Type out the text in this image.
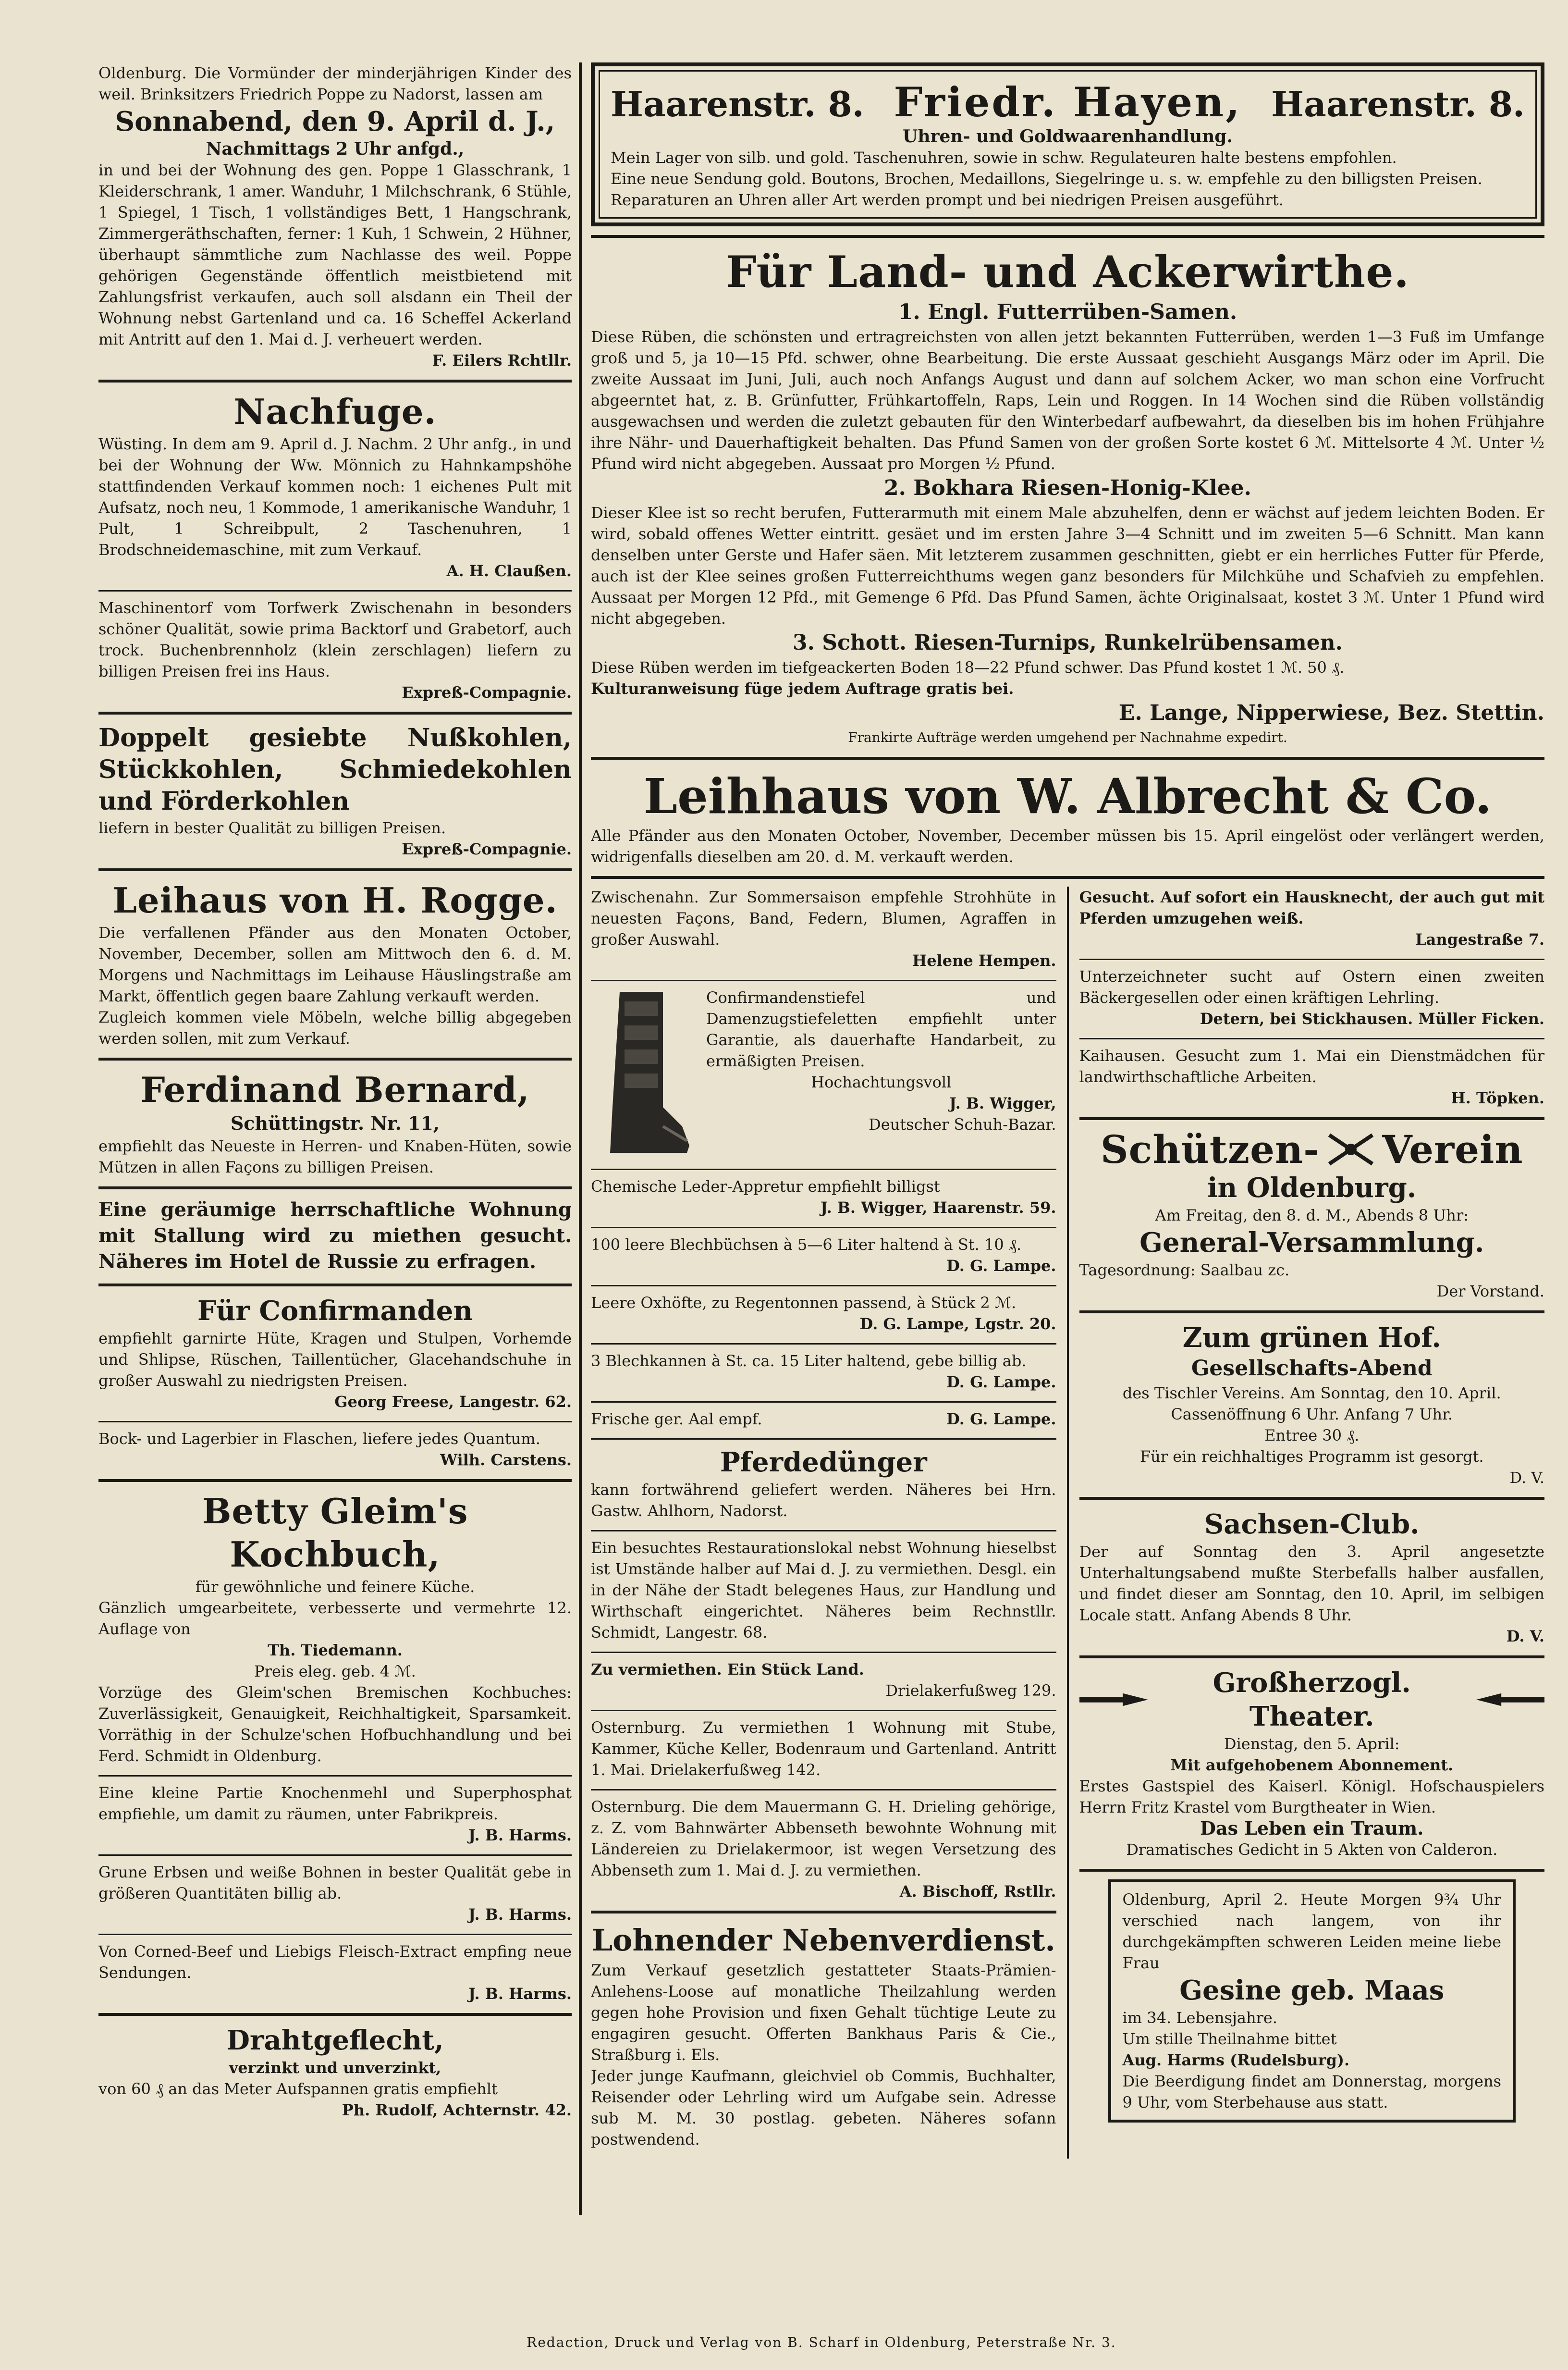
Oldenburg. Die Vormünder der minderjährigen Kinder des weil. Brinksitzers Friedrich Poppe zu Nadorst, lassen am

Sonnabend, den 9. April d. J.,

Nachmittags 2 Uhr anfgd.,

in und bei der Wohnung des gen. Poppe 1 Glasschrank, 1 Kleiderschrank, 1 amer. Wanduhr, 1 Milchschrank, 6 Stühle, 1 Spiegel, 1 Tisch, 1 vollständiges Bett, 1 Hangschrank, Zimmergeräthschaften, ferner: 1 Kuh, 1 Schwein, 2 Hühner, überhaupt sämmtliche zum Nachlasse des weil. Poppe gehörigen Gegenstände öffentlich meistbietend mit Zahlungsfrist verkaufen, auch soll alsdann ein Theil der Wohnung nebst Gartenland und ca. 16 Scheffel Ackerland mit Antritt auf den 1. Mai d. J. verheuert werden.

F. Eilers Rchtllr.

Nachfuge.

Wüsting. In dem am 9. April d. J. Nachm. 2 Uhr anfg., in und bei der Wohnung der Ww. Mönnich zu Hahnkampshöhe stattfindenden Verkauf kommen noch: 1 eichenes Pult mit Aufsatz, noch neu, 1 Kommode, 1 amerikanische Wanduhr, 1 Pult, 1 Schreibpult, 2 Taschenuhren, 1 Brodschneidemaschine, mit zum Verkauf.

A. H. Claußen.

Maschinentorf vom Torfwerk Zwischenahn in besonders schöner Qualität, sowie prima Backtorf und Grabetorf, auch trock. Buchenbrennholz (klein zerschlagen) liefern zu billigen Preisen frei ins Haus.

Expreß-Compagnie.

Doppelt gesiebte Nußkohlen, Stückkohlen, Schmiedekohlen und Förderkohlen

liefern in bester Qualität zu billigen Preisen.

Expreß-Compagnie.

Leihaus von H. Rogge.

Die verfallenen Pfänder aus den Monaten October, November, December, sollen am Mittwoch den 6. d. M. Morgens und Nachmittags im Leihause Häuslingstraße am Markt, öffentlich gegen baare Zahlung verkauft werden.

Zugleich kommen viele Möbeln, welche billig abgegeben werden sollen, mit zum Verkauf.

Ferdinand Bernard,

Schüttingstr. Nr. 11,

empfiehlt das Neueste in Herren- und Knaben-Hüten, sowie Mützen in allen Façons zu billigen Preisen.

Eine geräumige herrschaftliche Wohnung mit Stallung wird zu miethen gesucht. Näheres im Hotel de Russie zu erfragen.

Für Confirmanden

empfiehlt garnirte Hüte, Kragen und Stulpen, Vorhemde und Shlipse, Rüschen, Taillentücher, Glacehandschuhe in großer Auswahl zu niedrigsten Preisen.

Georg Freese, Langestr. 62.

Bock- und Lagerbier in Flaschen, liefere jedes Quantum.

Wilh. Carstens.

Betty Gleim's Kochbuch,

für gewöhnliche und feinere Küche.

Gänzlich umgearbeitete, verbesserte und vermehrte 12. Auflage von

Th. Tiedemann.

Preis eleg. geb. 4 ℳ.

Vorzüge des Gleim'schen Bremischen Kochbuches: Zuverlässigkeit, Genauigkeit, Reichhaltigkeit, Sparsamkeit. Vorräthig in der Schulze'schen Hofbuchhandlung und bei Ferd. Schmidt in Oldenburg.

Eine kleine Partie Knochenmehl und Superphosphat empfiehle, um damit zu räumen, unter Fabrikpreis.

J. B. Harms.

Grune Erbsen und weiße Bohnen in bester Qualität gebe in größeren Quantitäten billig ab.

J. B. Harms.

Von Corned-Beef und Liebigs Fleisch-Extract empfing neue Sendungen.

J. B. Harms.

Drahtgeflecht,

verzinkt und unverzinkt,

von 60 ₰ an das Meter Aufspannen gratis empfiehlt

Ph. Rudolf, Achternstr. 42.

Haarenstr. 8. Friedr. Hayen, Haarenstr. 8.

Uhren- und Goldwaarenhandlung.

Mein Lager von silb. und gold. Taschenuhren, sowie in schw. Regulateuren halte bestens empfohlen.

Eine neue Sendung gold. Boutons, Brochen, Medaillons, Siegelringe u. s. w. empfehle zu den billigsten Preisen.

Reparaturen an Uhren aller Art werden prompt und bei niedrigen Preisen ausgeführt.

Für Land- und Ackerwirthe.

1. Engl. Futterrüben-Samen.

Diese Rüben, die schönsten und ertragreichsten von allen jetzt bekannten Futterrüben, werden 1—3 Fuß im Umfange groß und 5, ja 10—15 Pfd. schwer, ohne Bearbeitung. Die erste Aussaat geschieht Ausgangs März oder im April. Die zweite Aussaat im Juni, Juli, auch noch Anfangs August und dann auf solchem Acker, wo man schon eine Vorfrucht abgeerntet hat, z. B. Grünfutter, Frühkartoffeln, Raps, Lein und Roggen. In 14 Wochen sind die Rüben vollständig ausgewachsen und werden die zuletzt gebauten für den Winterbedarf aufbewahrt, da dieselben bis im hohen Frühjahre ihre Nähr- und Dauerhaftigkeit behalten. Das Pfund Samen von der großen Sorte kostet 6 ℳ. Mittelsorte 4 ℳ. Unter ½ Pfund wird nicht abgegeben. Aussaat pro Morgen ½ Pfund.

2. Bokhara Riesen-Honig-Klee.

Dieser Klee ist so recht berufen, Futterarmuth mit einem Male abzuhelfen, denn er wächst auf jedem leichten Boden. Er wird, sobald offenes Wetter eintritt. gesäet und im ersten Jahre 3—4 Schnitt und im zweiten 5—6 Schnitt. Man kann denselben unter Gerste und Hafer säen. Mit letzterem zusammen geschnitten, giebt er ein herrliches Futter für Pferde, auch ist der Klee seines großen Futterreichthums wegen ganz besonders für Milchkühe und Schafvieh zu empfehlen. Aussaat per Morgen 12 Pfd., mit Gemenge 6 Pfd. Das Pfund Samen, ächte Originalsaat, kostet 3 ℳ. Unter 1 Pfund wird nicht abgegeben.

3. Schott. Riesen-Turnips, Runkelrübensamen.

Diese Rüben werden im tiefgeackerten Boden 18—22 Pfund schwer. Das Pfund kostet 1 ℳ. 50 ₰.

Kulturanweisung füge jedem Auftrage gratis bei.

E. Lange, Nipperwiese, Bez. Stettin.

Frankirte Aufträge werden umgehend per Nachnahme expedirt.

Leihhaus von W. Albrecht & Co.

Alle Pfänder aus den Monaten October, November, December müssen bis 15. April eingelöst oder verlängert werden, widrigenfalls dieselben am 20. d. M. verkauft werden.

Zwischenahn. Zur Sommersaison empfehle Strohhüte in neuesten Façons, Band, Federn, Blumen, Agraffen in großer Auswahl.

Helene Hempen.

Confirmandenstiefel und Damenzugstiefeletten empfiehlt unter Garantie, als dauerhafte Handarbeit, zu ermäßigten Preisen.

Hochachtungsvoll

J. B. Wigger,

Deutscher Schuh-Bazar.

Chemische Leder-Appretur empfiehlt billigst

J. B. Wigger, Haarenstr. 59.

100 leere Blechbüchsen à 5—6 Liter haltend à St. 10 ₰.

D. G. Lampe.

Leere Oxhöfte, zu Regentonnen passend, à Stück 2 ℳ.

D. G. Lampe, Lgstr. 20.

3 Blechkannen à St. ca. 15 Liter haltend, gebe billig ab.

D. G. Lampe.

Frische ger. Aal empf.	D. G. Lampe.

Pferdedünger

kann fortwährend geliefert werden. Näheres bei Hrn. Gastw. Ahlhorn, Nadorst.

Ein besuchtes Restaurationslokal nebst Wohnung hieselbst ist Umstände halber auf Mai d. J. zu vermiethen. Desgl. ein in der Nähe der Stadt belegenes Haus, zur Handlung und Wirthschaft eingerichtet. Näheres beim Rechnstllr. Schmidt, Langestr. 68.

Zu vermiethen. Ein Stück Land.

Drielakerfußweg 129.

Osternburg. Zu vermiethen 1 Wohnung mit Stube, Kammer, Küche Keller, Bodenraum und Gartenland. Antritt 1. Mai. Drielakerfußweg 142.

Osternburg. Die dem Mauermann G. H. Drieling gehörige, z. Z. vom Bahnwärter Abbenseth bewohnte Wohnung mit Ländereien zu Drielakermoor, ist wegen Versetzung des Abbenseth zum 1. Mai d. J. zu vermiethen.

A. Bischoff, Rstllr.

Lohnender Nebenverdienst.

Zum Verkauf gesetzlich gestatteter Staats-Prämien-Anlehens-Loose auf monatliche Theilzahlung werden gegen hohe Provision und fixen Gehalt tüchtige Leute zu engagiren gesucht. Offerten Bankhaus Paris & Cie., Straßburg i. Els.

Jeder junge Kaufmann, gleichviel ob Commis, Buchhalter, Reisender oder Lehrling wird um Aufgabe sein. Adresse sub M. M. 30 postlag. gebeten. Näheres sofann postwendend.

Gesucht. Auf sofort ein Hausknecht, der auch gut mit Pferden umzugehen weiß.

Langestraße 7.

Unterzeichneter sucht auf Ostern einen zweiten Bäckergesellen oder einen kräftigen Lehrling.

Detern, bei Stickhausen. Müller Ficken.

Kaihausen. Gesucht zum 1. Mai ein Dienstmädchen für landwirthschaftliche Arbeiten.

H. Töpken.

Schützen- Verein

in Oldenburg.

Am Freitag, den 8. d. M., Abends 8 Uhr:

General-Versammlung.

Tagesordnung: Saalbau zc.

Der Vorstand.

Zum grünen Hof.

Gesellschafts-Abend

des Tischler Vereins. Am Sonntag, den 10. April.

Cassenöffnung 6 Uhr. Anfang 7 Uhr.

Entree 30 ₰.

Für ein reichhaltiges Programm ist gesorgt.

D. V.

Sachsen-Club.

Der auf Sonntag den 3. April angesetzte Unterhaltungsabend mußte Sterbefalls halber ausfallen, und findet dieser am Sonntag, den 10. April, im selbigen Locale statt. Anfang Abends 8 Uhr.

D. V.

Großherzogl. Theater.

Dienstag, den 5. April:

Mit aufgehobenem Abonnement.

Erstes Gastspiel des Kaiserl. Königl. Hofschauspielers Herrn Fritz Krastel vom Burgtheater in Wien.

Das Leben ein Traum.

Dramatisches Gedicht in 5 Akten von Calderon.

Oldenburg, April 2. Heute Morgen 9¾ Uhr verschied nach langem, von ihr durchgekämpften schweren Leiden meine liebe Frau

Gesine geb. Maas

im 34. Lebensjahre.

Um stille Theilnahme bittet

Aug. Harms (Rudelsburg).

Die Beerdigung findet am Donnerstag, morgens 9 Uhr, vom Sterbehause aus statt.

Redaction, Druck und Verlag von B. Scharf in Oldenburg, Peterstraße Nr. 3.
